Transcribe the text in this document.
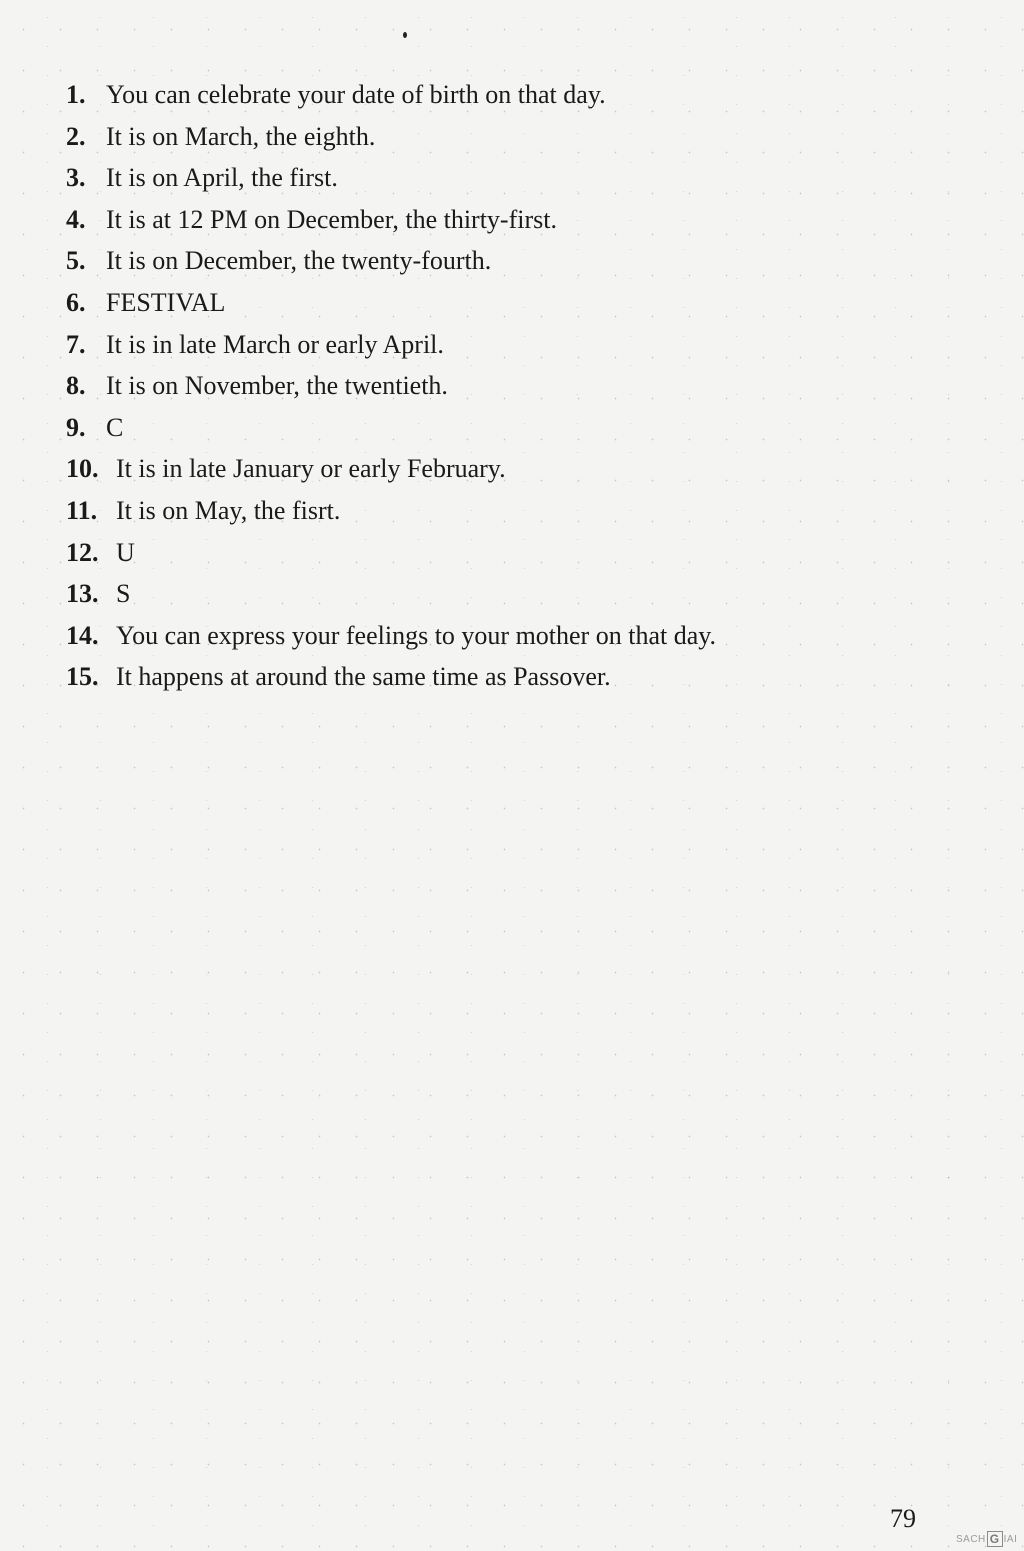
1. You can celebrate your date of birth on that day.
2. It is on March, the eighth.
3. It is on April, the first.
4. It is at 12 PM on December, the thirty-first.
5. It is on December, the twenty-fourth.
6. FESTIVAL
7. It is in late March or early April.
8. It is on November, the twentieth.
9. C
10. It is in late January or early February.
11. It is on May, the fisrt.
12. U
13. S
14. You can express your feelings to your mother on that day.
15. It happens at around the same time as Passover.
79
SACH G IAI
